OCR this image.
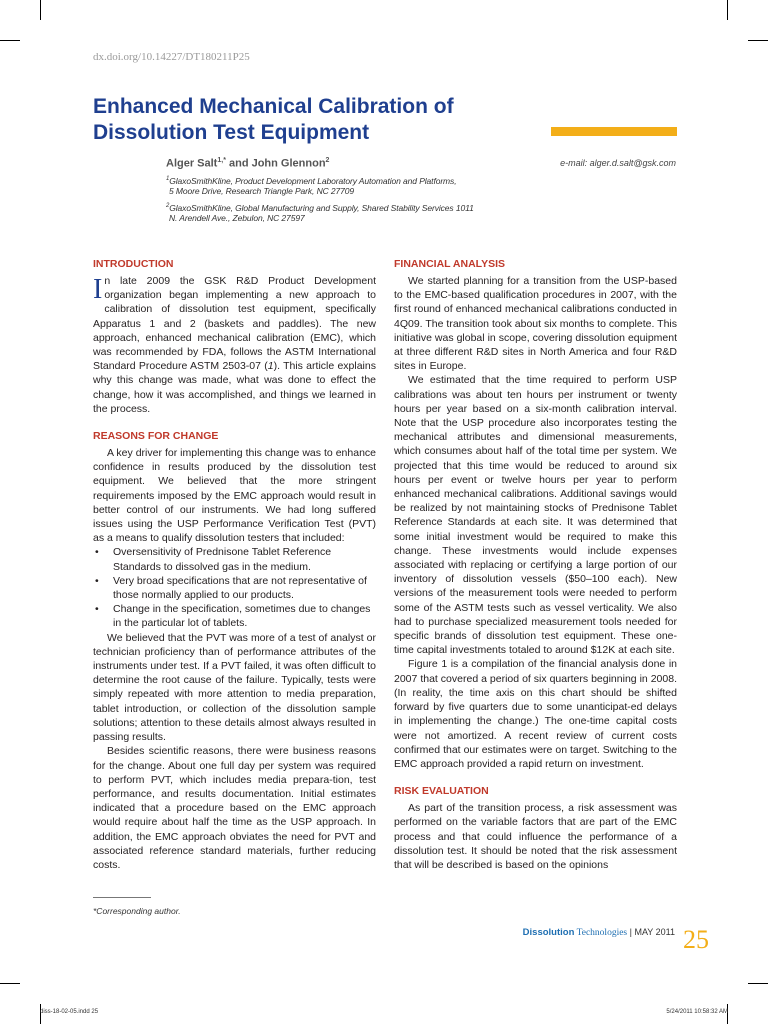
dx.doi.org/10.14227/DT180211P25
Enhanced Mechanical Calibration of
Dissolution Test Equipment
Alger Salt$^{1,*}$ and John Glennon$^2$	e-mail: alger.d.salt@gsk.com
$^1$GlaxoSmithKline, Product Development Laboratory Automation and Platforms,
5 Moore Drive, Research Triangle Park, NC 27709
$^2$GlaxoSmithKline, Global Manufacturing and Supply, Shared Stability Services 1011
N. Arendell Ave., Zebulon, NC 27597
INTRODUCTION

In late 2009 the GSK R&D Product Development organization began implementing a new approach to calibration of dissolution test equipment, specifically Apparatus 1 and 2 (baskets and paddles). The new approach, enhanced mechanical calibration (EMC), which was recommended by FDA, follows the ASTM International Standard Procedure ASTM 2503-07 (1). This article explains why this change was made, what was done to effect the change, how it was accomplished, and things we learned in the process.

REASONS FOR CHANGE

A key driver for implementing this change was to enhance confidence in results produced by the dissolution test equipment. We believed that the more stringent requirements imposed by the EMC approach would result in better control of our instruments. We had long suffered issues using the USP Performance Verification Test (PVT) as a means to qualify dissolution testers that included:

• Oversensitivity of Prednisone Tablet Reference Standards to dissolved gas in the medium.
• Very broad specifications that are not representative of those normally applied to our products.
• Change in the specification, sometimes due to changes in the particular lot of tablets.

We believed that the PVT was more of a test of analyst or technician proficiency than of performance attributes of the instruments under test. If a PVT failed, it was often difficult to determine the root cause of the failure. Typically, tests were simply repeated with more attention to media preparation, tablet introduction, or collection of the dissolution sample solutions; attention to these details almost always resulted in passing results.

Besides scientific reasons, there were business reasons for the change. About one full day per system was required to perform PVT, which includes media prepara-tion, test performance, and results documentation. Initial estimates indicated that a procedure based on the EMC approach would require about half the time as the USP approach. In addition, the EMC approach obviates the need for PVT and associated reference standard materials, further reducing costs.

FINANCIAL ANALYSIS

We started planning for a transition from the USP-based to the EMC-based qualification procedures in 2007, with the first round of enhanced mechanical calibrations conducted in 4Q09. The transition took about six months to complete. This initiative was global in scope, covering dissolution equipment at three different R&D sites in North America and four R&D sites in Europe.

We estimated that the time required to perform USP calibrations was about ten hours per instrument or twenty hours per year based on a six-month calibration interval. Note that the USP procedure also incorporates testing the mechanical attributes and dimensional measurements, which consumes about half of the total time per system. We projected that this time would be reduced to around six hours per event or twelve hours per year to perform enhanced mechanical calibrations. Additional savings would be realized by not maintaining stocks of Prednisone Tablet Reference Standards at each site. It was determined that some initial investment would be required to make this change. These investments would include expenses associated with replacing or certifying a large portion of our inventory of dissolution vessels ($50–100 each). New versions of the measurement tools were needed to perform some of the ASTM tests such as vessel verticality. We also had to purchase specialized measurement tools needed for specific brands of dissolution test equipment. These one-time capital investments totaled to around $12K at each site.

Figure 1 is a compilation of the financial analysis done in 2007 that covered a period of six quarters beginning in 2008. (In reality, the time axis on this chart should be shifted forward by five quarters due to some unanticipat-ed delays in implementing the change.) The one-time capital costs were not amortized. A recent review of current costs confirmed that our estimates were on target. Switching to the EMC approach provided a rapid return on investment.

RISK EVALUATION

As part of the transition process, a risk assessment was performed on the variable factors that are part of the EMC process and that could influence the performance of a dissolution test. It should be noted that the risk assessment that will be described is based on the opinions

*Corresponding author.
Dissolution Technologies | MAY 2011 25
diss-18-02-05.indd 25	5/24/2011 10:58:32 AM
